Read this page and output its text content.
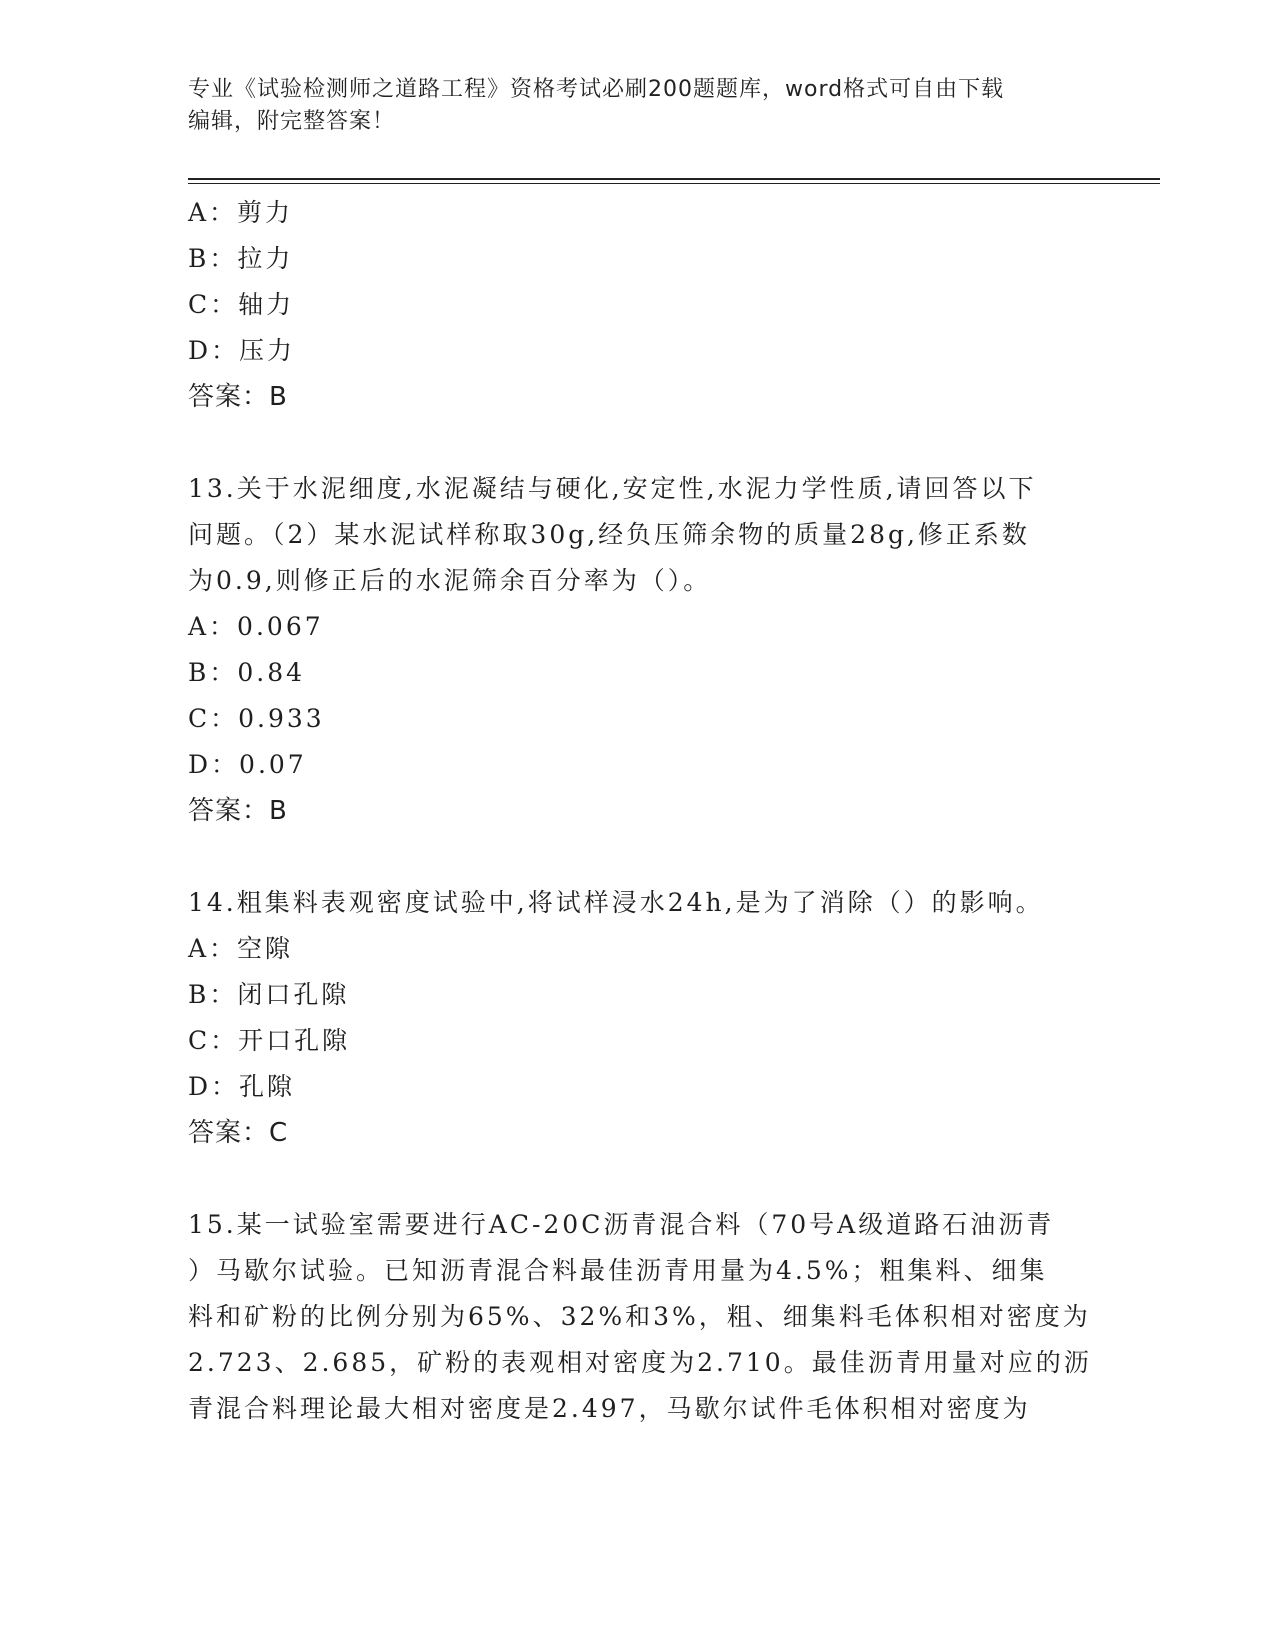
专业《试验检测师之道路工程》资格考试必刷200题题库，word格式可自由下载
编辑，附完整答案！
A：剪力
B：拉力
C：轴力
D：压力
答案：B
13.关于水泥细度,水泥凝结与硬化,安定性,水泥力学性质,请回答以下
问题。（2）某水泥试样称取30g,经负压筛余物的质量28g,修正系数
为0.9,则修正后的水泥筛余百分率为（）。
A：0.067
B：0.84
C：0.933
D：0.07
答案：B
14.粗集料表观密度试验中,将试样浸水24h,是为了消除（）的影响。
A：空隙
B：闭口孔隙
C：开口孔隙
D：孔隙
答案：C
15.某一试验室需要进行AC-20C沥青混合料（70号A级道路石油沥青
）马歇尔试验。已知沥青混合料最佳沥青用量为4.5%；粗集料、细集
料和矿粉的比例分别为65%、32%和3%，粗、细集料毛体积相对密度为
2.723、2.685，矿粉的表观相对密度为2.710。最佳沥青用量对应的沥
青混合料理论最大相对密度是2.497，马歇尔试件毛体积相对密度为
